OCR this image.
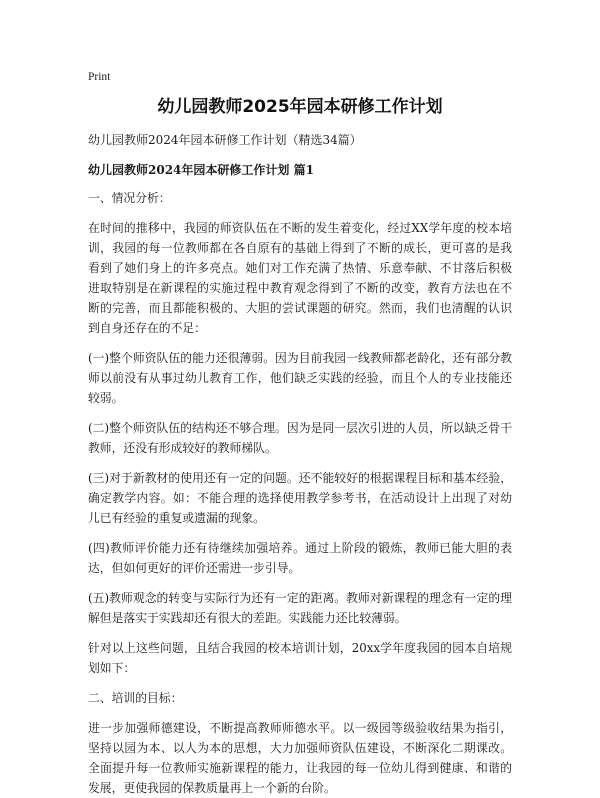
Print
幼儿园教师2025年园本研修工作计划
幼儿园教师2024年园本研修工作计划（精选34篇）
幼儿园教师2024年园本研修工作计划 篇1

一、情况分析：

在时间的推移中，我园的师资队伍在不断的发生着变化，经过XX学年度的校本培训，我园的每一位教师都在各自原有的基础上得到了不断的成长，更可喜的是我看到了她们身上的许多亮点。她们对工作充满了热情、乐意奉献、不甘落后积极进取特别是在新课程的实施过程中教育观念得到了不断的改变，教育方法也在不断的完善，而且都能积极的、大胆的尝试课题的研究。然而，我们也清醒的认识到自身还存在的不足：

(一)整个师资队伍的能力还很薄弱。因为目前我园一线教师都老龄化，还有部分教师以前没有从事过幼儿教育工作，他们缺乏实践的经验，而且个人的专业技能还较弱。

(二)整个师资队伍的结构还不够合理。因为是同一层次引进的人员，所以缺乏骨干教师，还没有形成较好的教师梯队。

(三)对于新教材的使用还有一定的问题。还不能较好的根据课程目标和基本经验，确定教学内容。如：不能合理的选择使用教学参考书，在活动设计上出现了对幼儿已有经验的重复或遗漏的现象。

(四)教师评价能力还有待继续加强培养。通过上阶段的锻炼，教师已能大胆的表达，但如何更好的评价还需进一步引导。

(五)教师观念的转变与实际行为还有一定的距离。教师对新课程的理念有一定的理解但是落实于实践却还有很大的差距。实践能力还比较薄弱。

针对以上这些问题，且结合我园的校本培训计划，20xx学年度我园的园本自培规划如下：

二、培训的目标：

进一步加强师德建设，不断提高教师师德水平。以一级园等级验收结果为指引，坚持以园为本、以人为本的思想，大力加强师资队伍建设，不断深化二期课改。全面提升每一位教师实施新课程的能力，让我园的每一位幼儿得到健康、和谐的发展，更使我园的保教质量再上一个新的台阶。
